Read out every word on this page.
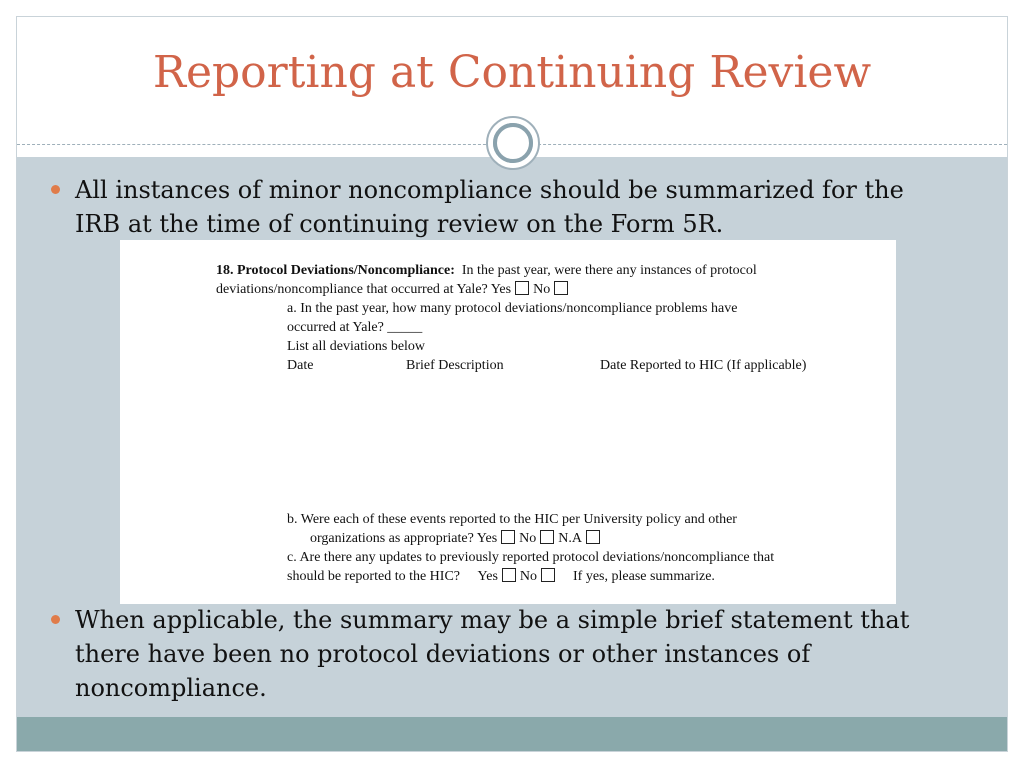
Reporting at Continuing Review
All instances of minor noncompliance should be summarized for the IRB at the time of continuing review on the Form 5R.
18. Protocol Deviations/Noncompliance: In the past year, were there any instances of protocol
deviations/noncompliance that occurred at Yale? Yes No
a. In the past year, how many protocol deviations/noncompliance problems have
occurred at Yale? _____
List all deviations below
Date	Brief Description	Date Reported to HIC (If applicable)
b. Were each of these events reported to the HIC per University policy and other
organizations as appropriate? Yes No N.A
c. Are there any updates to previously reported protocol deviations/noncompliance that
should be reported to the HIC? Yes No	If yes, please summarize.
When applicable, the summary may be a simple brief statement that there have been no protocol deviations or other instances of noncompliance.
